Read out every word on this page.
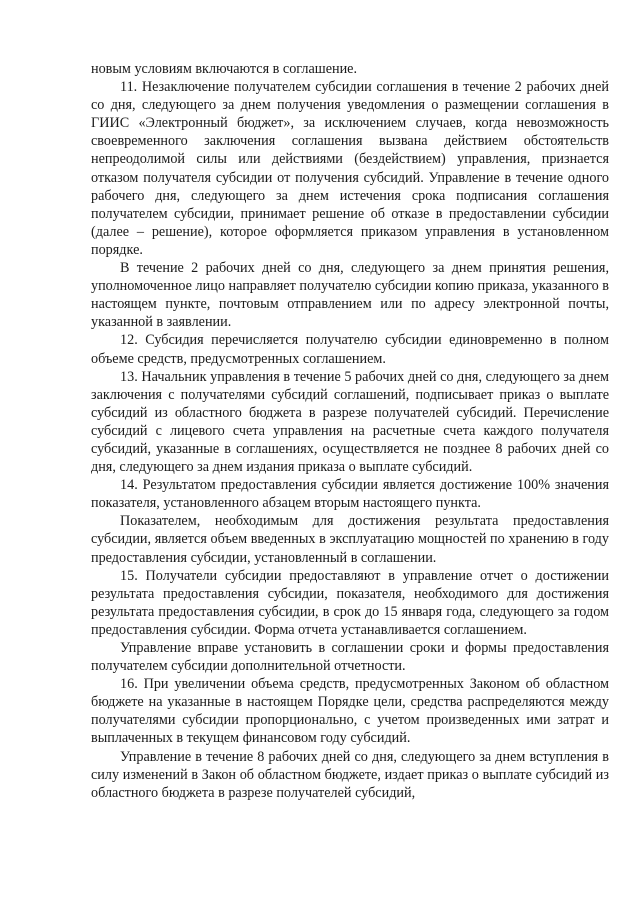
новым условиям включаются в соглашение.

11. Незаключение получателем субсидии соглашения в течение 2 рабочих дней со дня, следующего за днем получения уведомления о размещении соглашения в ГИИС «Электронный бюджет», за исключением случаев, когда невозможность своевременного заключения соглашения вызвана действием обстоятельств непреодолимой силы или действиями (бездействием) управления, признается отказом получателя субсидии от получения субсидий. Управление в течение одного рабочего дня, следующего за днем истечения срока подписания соглашения получателем субсидии, принимает решение об отказе в предоставлении субсидии (далее – решение), которое оформляется приказом управления в установленном порядке.

В течение 2 рабочих дней со дня, следующего за днем принятия решения, уполномоченное лицо направляет получателю субсидии копию приказа, указанного в настоящем пункте, почтовым отправлением или по адресу электронной почты, указанной в заявлении.

12. Субсидия перечисляется получателю субсидии единовременно в полном объеме средств, предусмотренных соглашением.

13. Начальник управления в течение 5 рабочих дней со дня, следующего за днем заключения с получателями субсидий соглашений, подписывает приказ о выплате субсидий из областного бюджета в разрезе получателей субсидий. Перечисление субсидий с лицевого счета управления на расчетные счета каждого получателя субсидий, указанные в соглашениях, осуществляется не позднее 8 рабочих дней со дня, следующего за днем издания приказа о выплате субсидий.

14. Результатом предоставления субсидии является достижение 100% значения показателя, установленного абзацем вторым настоящего пункта.

Показателем, необходимым для достижения результата предоставления субсидии, является объем введенных в эксплуатацию мощностей по хранению в году предоставления субсидии, установленный в соглашении.

15. Получатели субсидии предоставляют в управление отчет о достижении результата предоставления субсидии, показателя, необходимого для достижения результата предоставления субсидии, в срок до 15 января года, следующего за годом предоставления субсидии. Форма отчета устанавливается соглашением.

Управление вправе установить в соглашении сроки и формы предоставления получателем субсидии дополнительной отчетности.

16. При увеличении объема средств, предусмотренных Законом об областном бюджете на указанные в настоящем Порядке цели, средства распределяются между получателями субсидии пропорционально, с учетом произведенных ими затрат и выплаченных в текущем финансовом году субсидий.

Управление в течение 8 рабочих дней со дня, следующего за днем вступления в силу изменений в Закон об областном бюджете, издает приказ о выплате субсидий из областного бюджета в разрезе получателей субсидий,
